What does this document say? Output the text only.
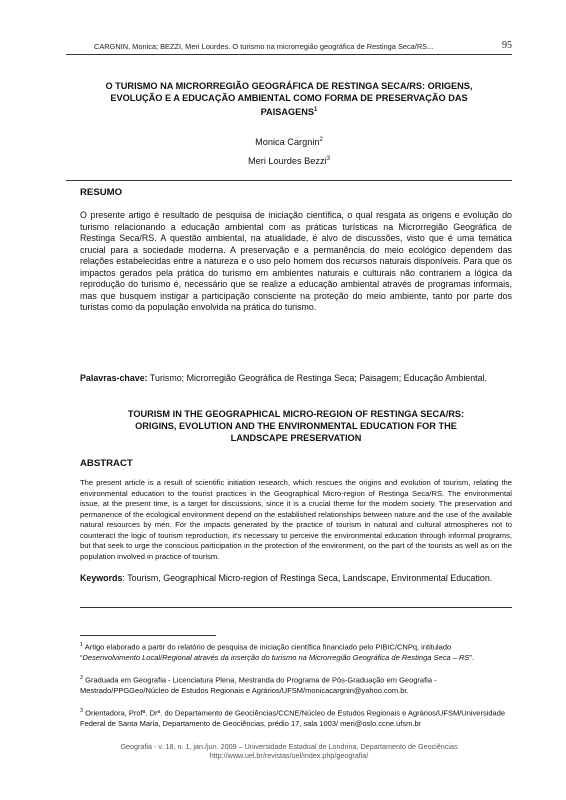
CARGNIN, Monica; BEZZI, Meri Lourdes. O turismo na microrregião geográfica de Restinga Seca/RS...	95
O TURISMO NA MICRORREGIÃO GEOGRÁFICA DE RESTINGA SECA/RS: ORIGENS,
EVOLUÇÃO E A EDUCAÇÃO AMBIENTAL COMO FORMA DE PRESERVAÇÃO DAS
PAISAGENS$^1$
Monica Cargnin$^2$
Meri Lourdes Bezzi$^3$
RESUMO
O presente artigo é resultado de pesquisa de iniciação científica, o qual resgata as origens e evolução do turismo relacionando a educação ambiental com as práticas turísticas na Microrregião Geográfica de Restinga Seca/RS. A questão ambiental, na atualidade, é alvo de discussões, visto que é uma temática crucial para a sociedade moderna. A preservação e a permanência do meio ecológico dependem das relações estabelecidas entre a natureza e o uso pelo homem dos recursos naturais disponíveis. Para que os impactos gerados pela prática do turismo em ambientes naturais e culturais não contrariem a lógica da reprodução do turismo é, necessário que se realize a educação ambiental através de programas informais, mas que busquem instigar a participação consciente na proteção do meio ambiente, tanto por parte dos turistas como da população envolvida na prática do turismo.
Palavras-chave: Turismo; Microrregião Geográfica de Restinga Seca; Paisagem; Educação Ambiental.
TOURISM IN THE GEOGRAPHICAL MICRO-REGION OF RESTINGA SECA/RS:
ORIGINS, EVOLUTION AND THE ENVIRONMENTAL EDUCATION FOR THE
LANDSCAPE PRESERVATION
ABSTRACT
The present article is a result of scientific initiation research, which rescues the origins and evolution of tourism, relating the environmental education to the tourist practices in the Geographical Micro-region of Restinga Seca/RS. The environmental issue, at the present time, is a target for discussions, since it is a crucial theme for the modern society. The preservation and permanence of the ecological environment depend on the established relationships between nature and the use of the available natural resources by men. For the impacts generated by the practice of tourism in natural and cultural atmospheres not to counteract the logic of tourism reproduction, it's necessary to perceive the environmental education through informal programs, but that seek to urge the conscious participation in the protection of the environment, on the part of the tourists as well as on the population involved in practice of tourism.
Keywords: Tourism, Geographical Micro-region of Restinga Seca, Landscape, Environmental Education.
$^1$ Artigo elaborado a partir do relatório de pesquisa de iniciação científica financiado pelo PIBIC/CNPq, intitulado “Desenvolvimento Local/Regional através da inserção do turismo na Microrregião Geográfica de Restinga Seca – RS”.
$^2$ Graduada em Geografia - Licenciatura Plena, Mestranda do Programa de Pós-Graduação em Geografia - Mestrado/PPGGeo/Núcleo de Estudos Regionais e Agrários/UFSM/monicacargnin@yahoo.com.br.
$^3$ Orientadora, Profª. Drª. do Departamento de Geociências/CCNE/Núcleo de Estudos Regionais e Agrários/UFSM/Universidade Federal de Santa Maria, Departamento de Geociências, prédio 17, sala 1003/ meri@oslo.ccne.ufsm.br
Geografia - v. 18, n. 1, jan./jun. 2009 – Universidade Estadual de Londrina, Departamento de Geociências
http://www.uel.br/revistas/uel/index.php/geografia/
